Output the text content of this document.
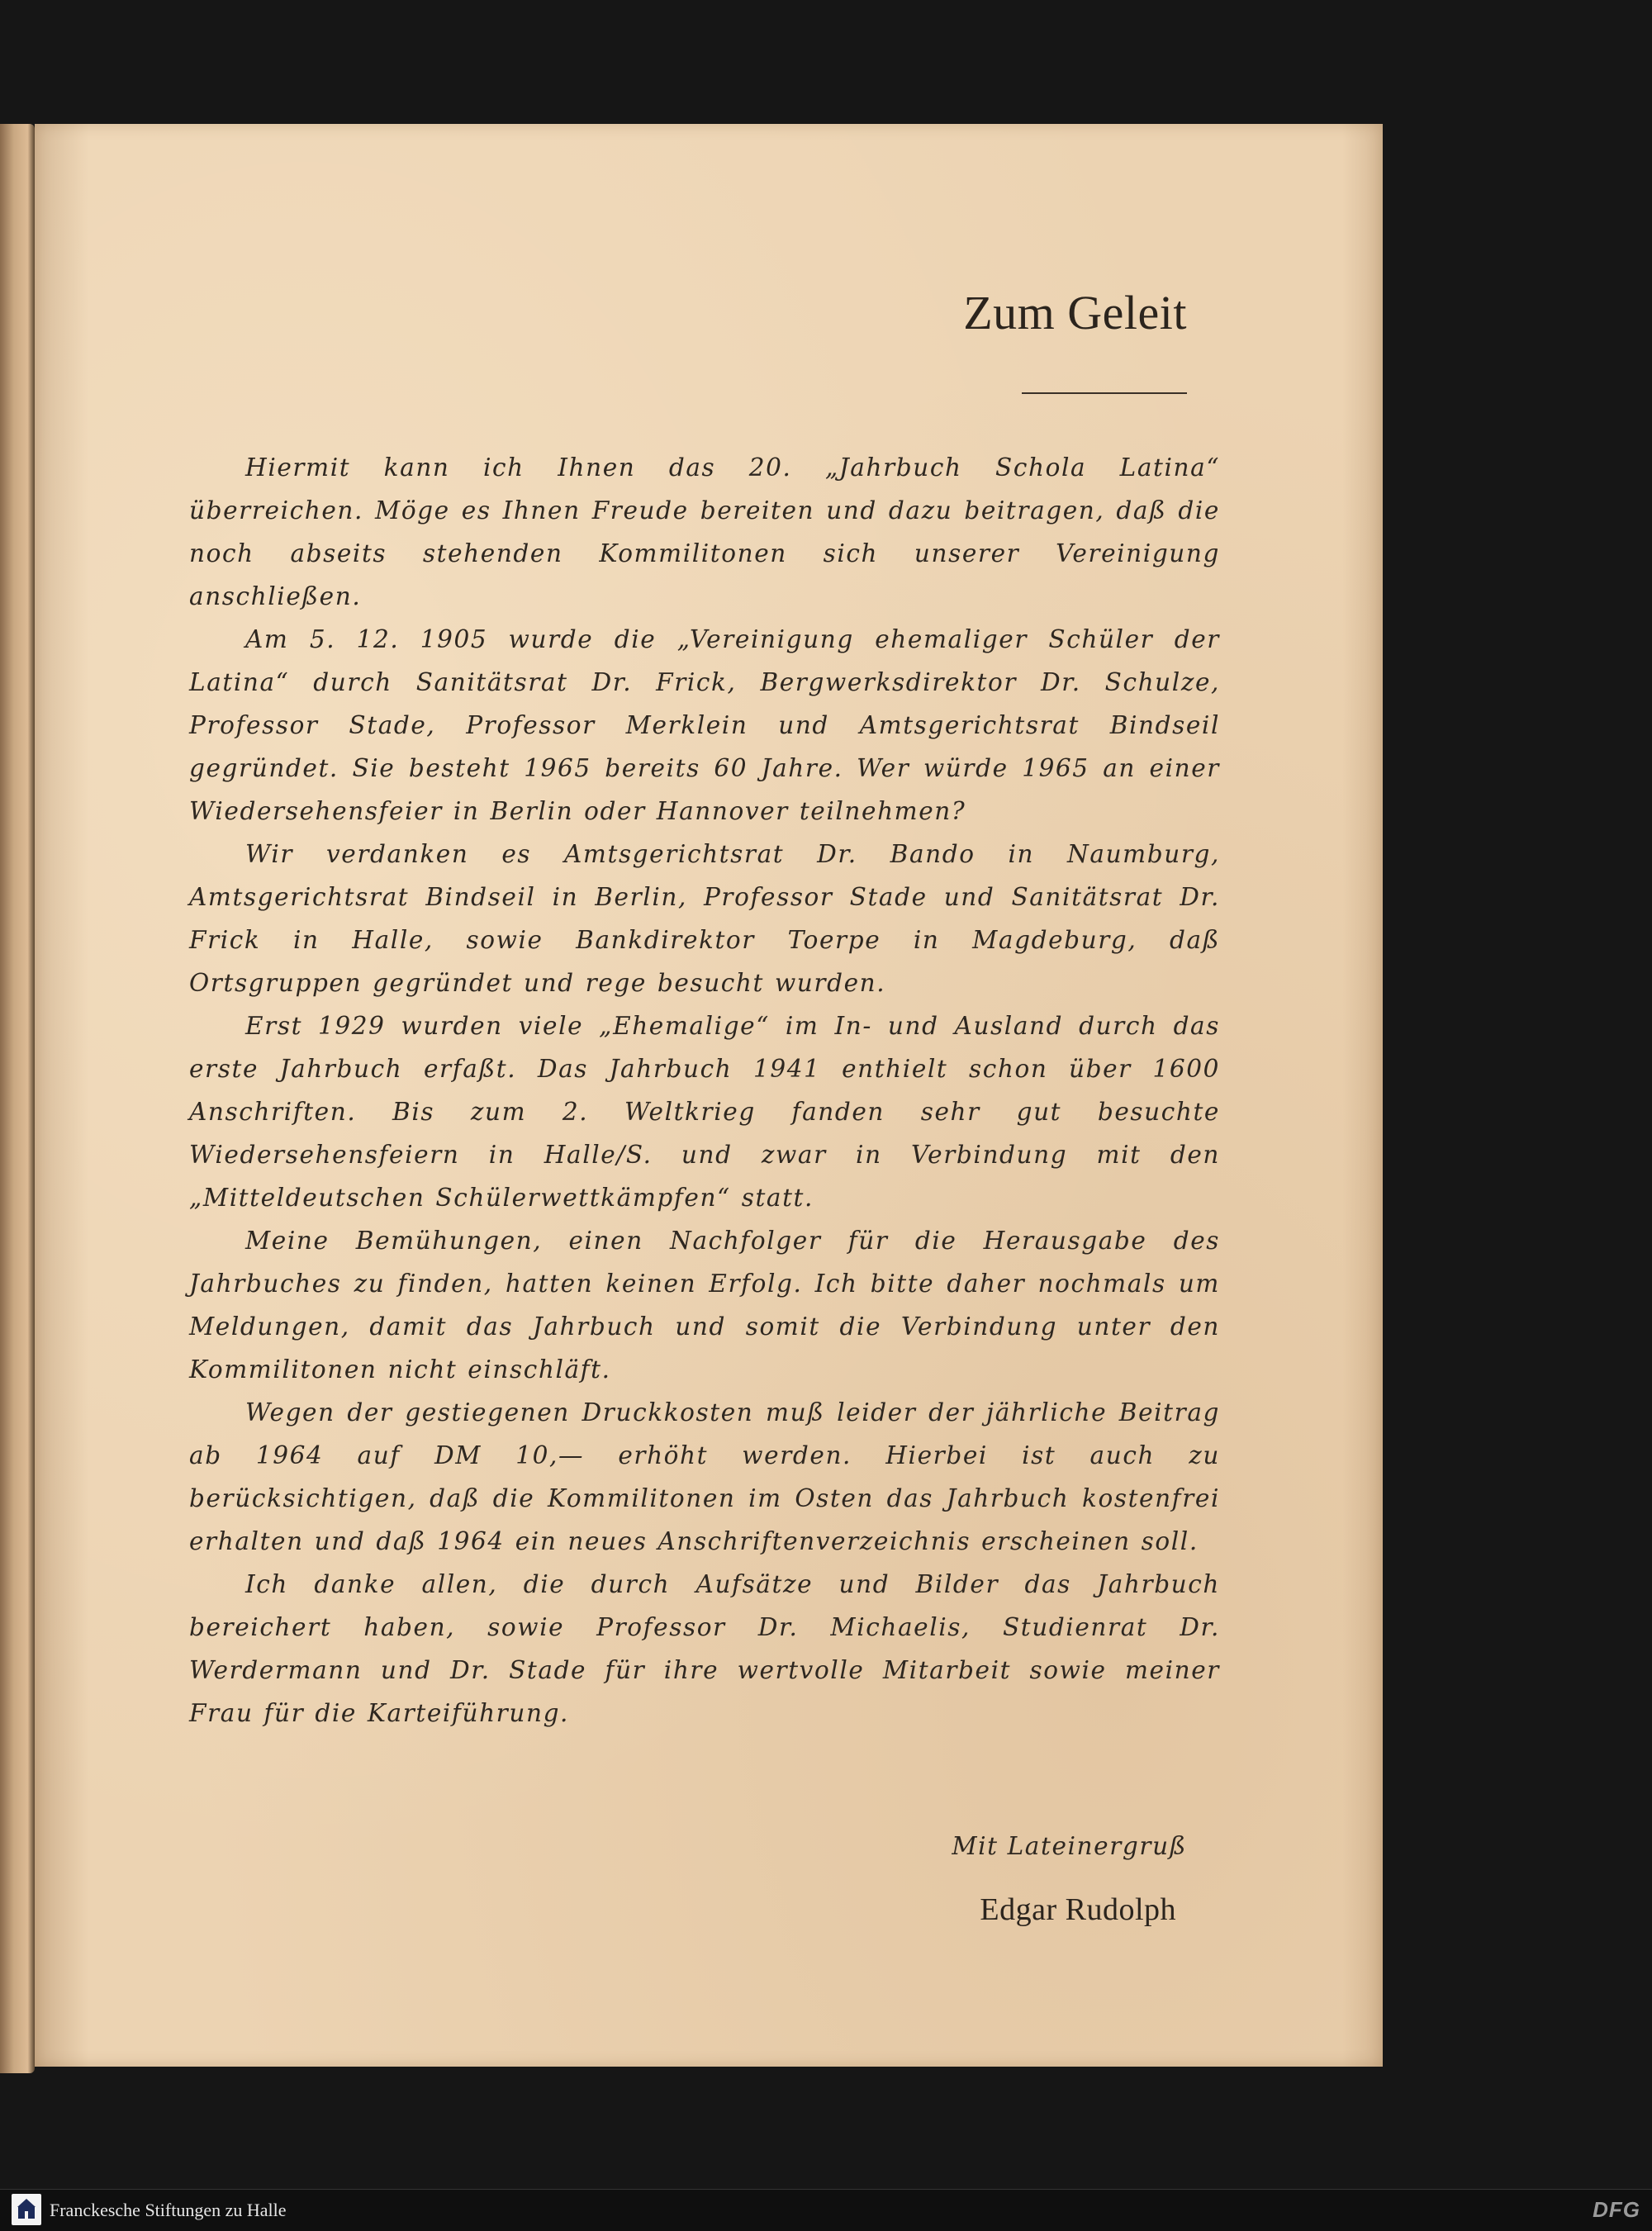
Zum Geleit

Hiermit kann ich Ihnen das 20. „Jahrbuch Schola Latina“ überreichen. Möge es Ihnen Freude bereiten und dazu beitragen, daß die noch abseits stehenden Kommilitonen sich unserer Vereinigung anschließen.

Am 5. 12. 1905 wurde die „Vereinigung ehemaliger Schüler der Latina“ durch Sanitätsrat Dr. Frick, Bergwerksdirektor Dr. Schulze, Professor Stade, Professor Merklein und Amtsgerichtsrat Bindseil gegründet. Sie besteht 1965 bereits 60 Jahre. Wer würde 1965 an einer Wiedersehensfeier in Berlin oder Hannover teilnehmen?

Wir verdanken es Amtsgerichtsrat Dr. Bando in Naumburg, Amtsgerichtsrat Bindseil in Berlin, Professor Stade und Sanitätsrat Dr. Frick in Halle, sowie Bankdirektor Toerpe in Magdeburg, daß Ortsgruppen gegründet und rege besucht wurden.

Erst 1929 wurden viele „Ehemalige“ im In- und Ausland durch das erste Jahrbuch erfaßt. Das Jahrbuch 1941 enthielt schon über 1600 Anschriften. Bis zum 2. Weltkrieg fanden sehr gut besuchte Wiedersehensfeiern in Halle/S. und zwar in Verbindung mit den „Mitteldeutschen Schülerwettkämpfen“ statt.

Meine Bemühungen, einen Nachfolger für die Herausgabe des Jahrbuches zu finden, hatten keinen Erfolg. Ich bitte daher nochmals um Meldungen, damit das Jahrbuch und somit die Verbindung unter den Kommilitonen nicht einschläft.

Wegen der gestiegenen Druckkosten muß leider der jährliche Beitrag ab 1964 auf DM 10,— erhöht werden. Hierbei ist auch zu berücksichtigen, daß die Kommilitonen im Osten das Jahrbuch kostenfrei erhalten und daß 1964 ein neues Anschriftenverzeichnis erscheinen soll.

Ich danke allen, die durch Aufsätze und Bilder das Jahrbuch bereichert haben, sowie Professor Dr. Michaelis, Studienrat Dr. Werdermann und Dr. Stade für ihre wertvolle Mitarbeit sowie meiner Frau für die Karteiführung.

Mit Lateinergruß
Edgar Rudolph
Franckesche Stiftungen zu Halle	DFG
